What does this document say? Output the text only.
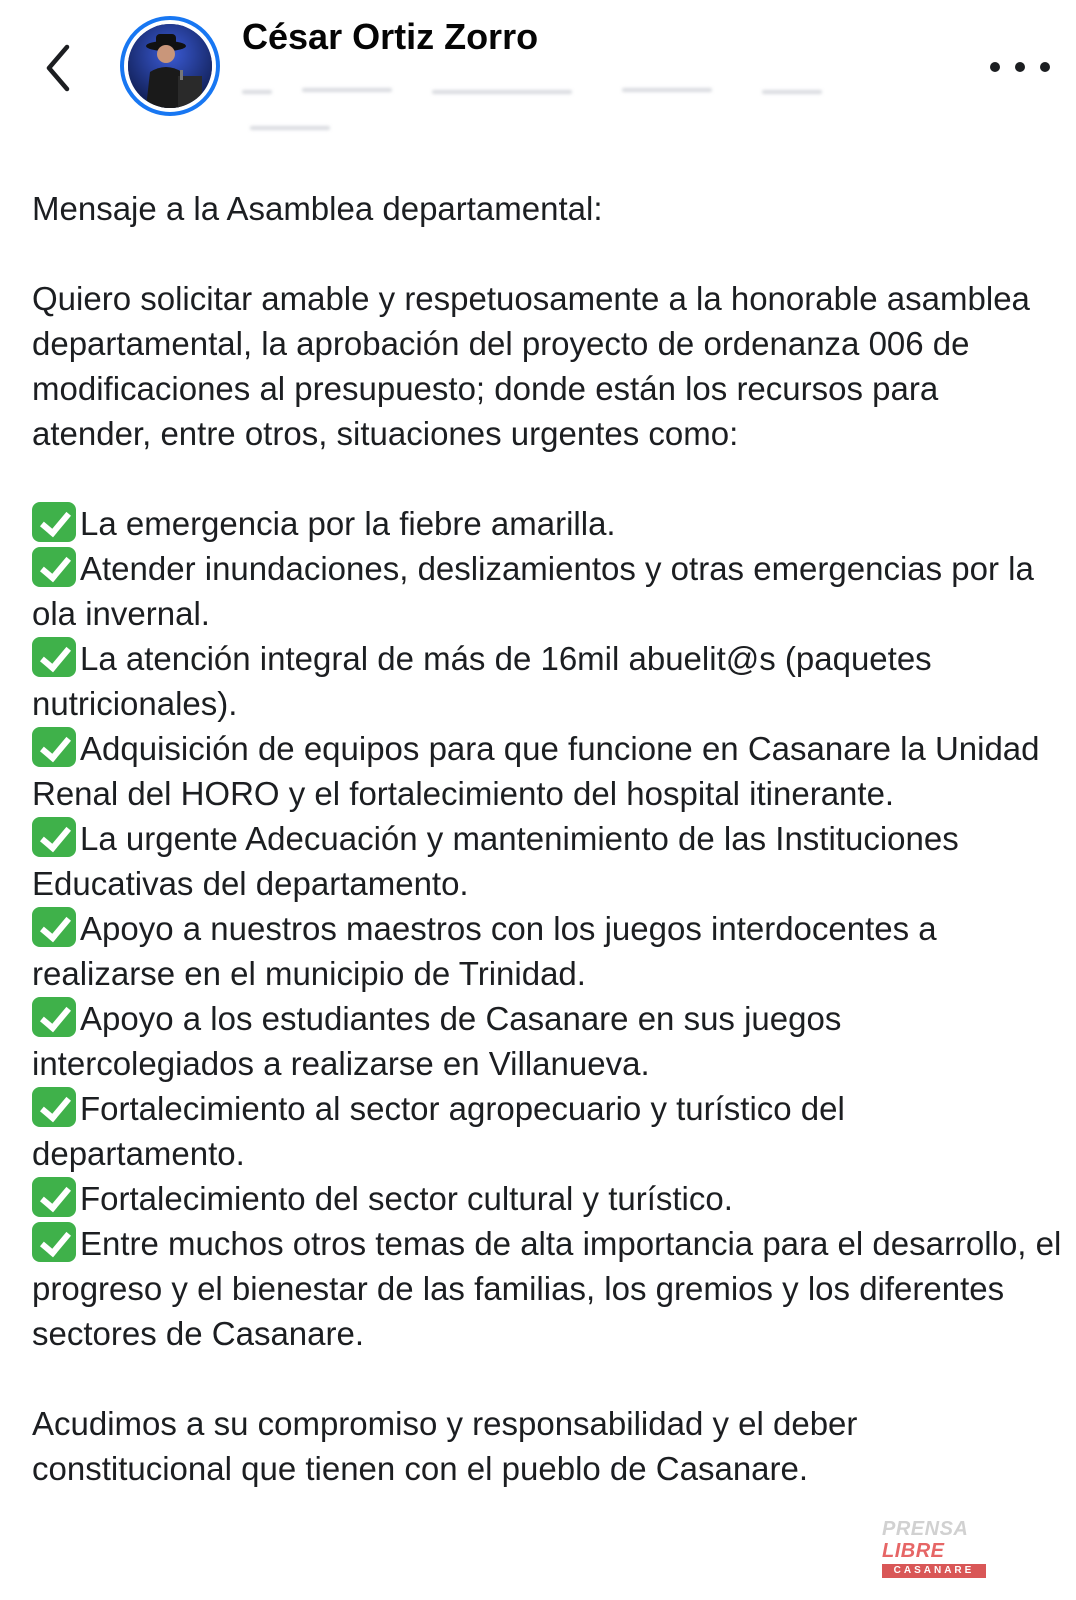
César Ortiz Zorro

Mensaje a la Asamblea departamental:

Quiero solicitar amable y respetuosamente a la honorable asamblea departamental, la aprobación del proyecto de ordenanza 006 de modificaciones al presupuesto; donde están los recursos para atender, entre otros, situaciones urgentes como:

La emergencia por la fiebre amarilla.

Atender inundaciones, deslizamientos y otras emergencias por la ola invernal.

La atención integral de más de 16mil abuelit@s (paquetes nutricionales).

Adquisición de equipos para que funcione en Casanare la Unidad Renal del HORO y el fortalecimiento del hospital itinerante.

La urgente Adecuación y mantenimiento de las Instituciones Educativas del departamento.

Apoyo a nuestros maestros con los juegos interdocentes a realizarse en el municipio de Trinidad.

Apoyo a los estudiantes de Casanare en sus juegos intercolegiados a realizarse en Villanueva.

Fortalecimiento al sector agropecuario y turístico del departamento.

Fortalecimiento del sector cultural y turístico.

Entre muchos otros temas de alta importancia para el desarrollo, el progreso y el bienestar de las familias, los gremios y los diferentes sectores de Casanare.

Acudimos a su compromiso y responsabilidad y el deber constitucional que tienen con el pueblo de Casanare.

PRENSA LIBRE
CASANARE
